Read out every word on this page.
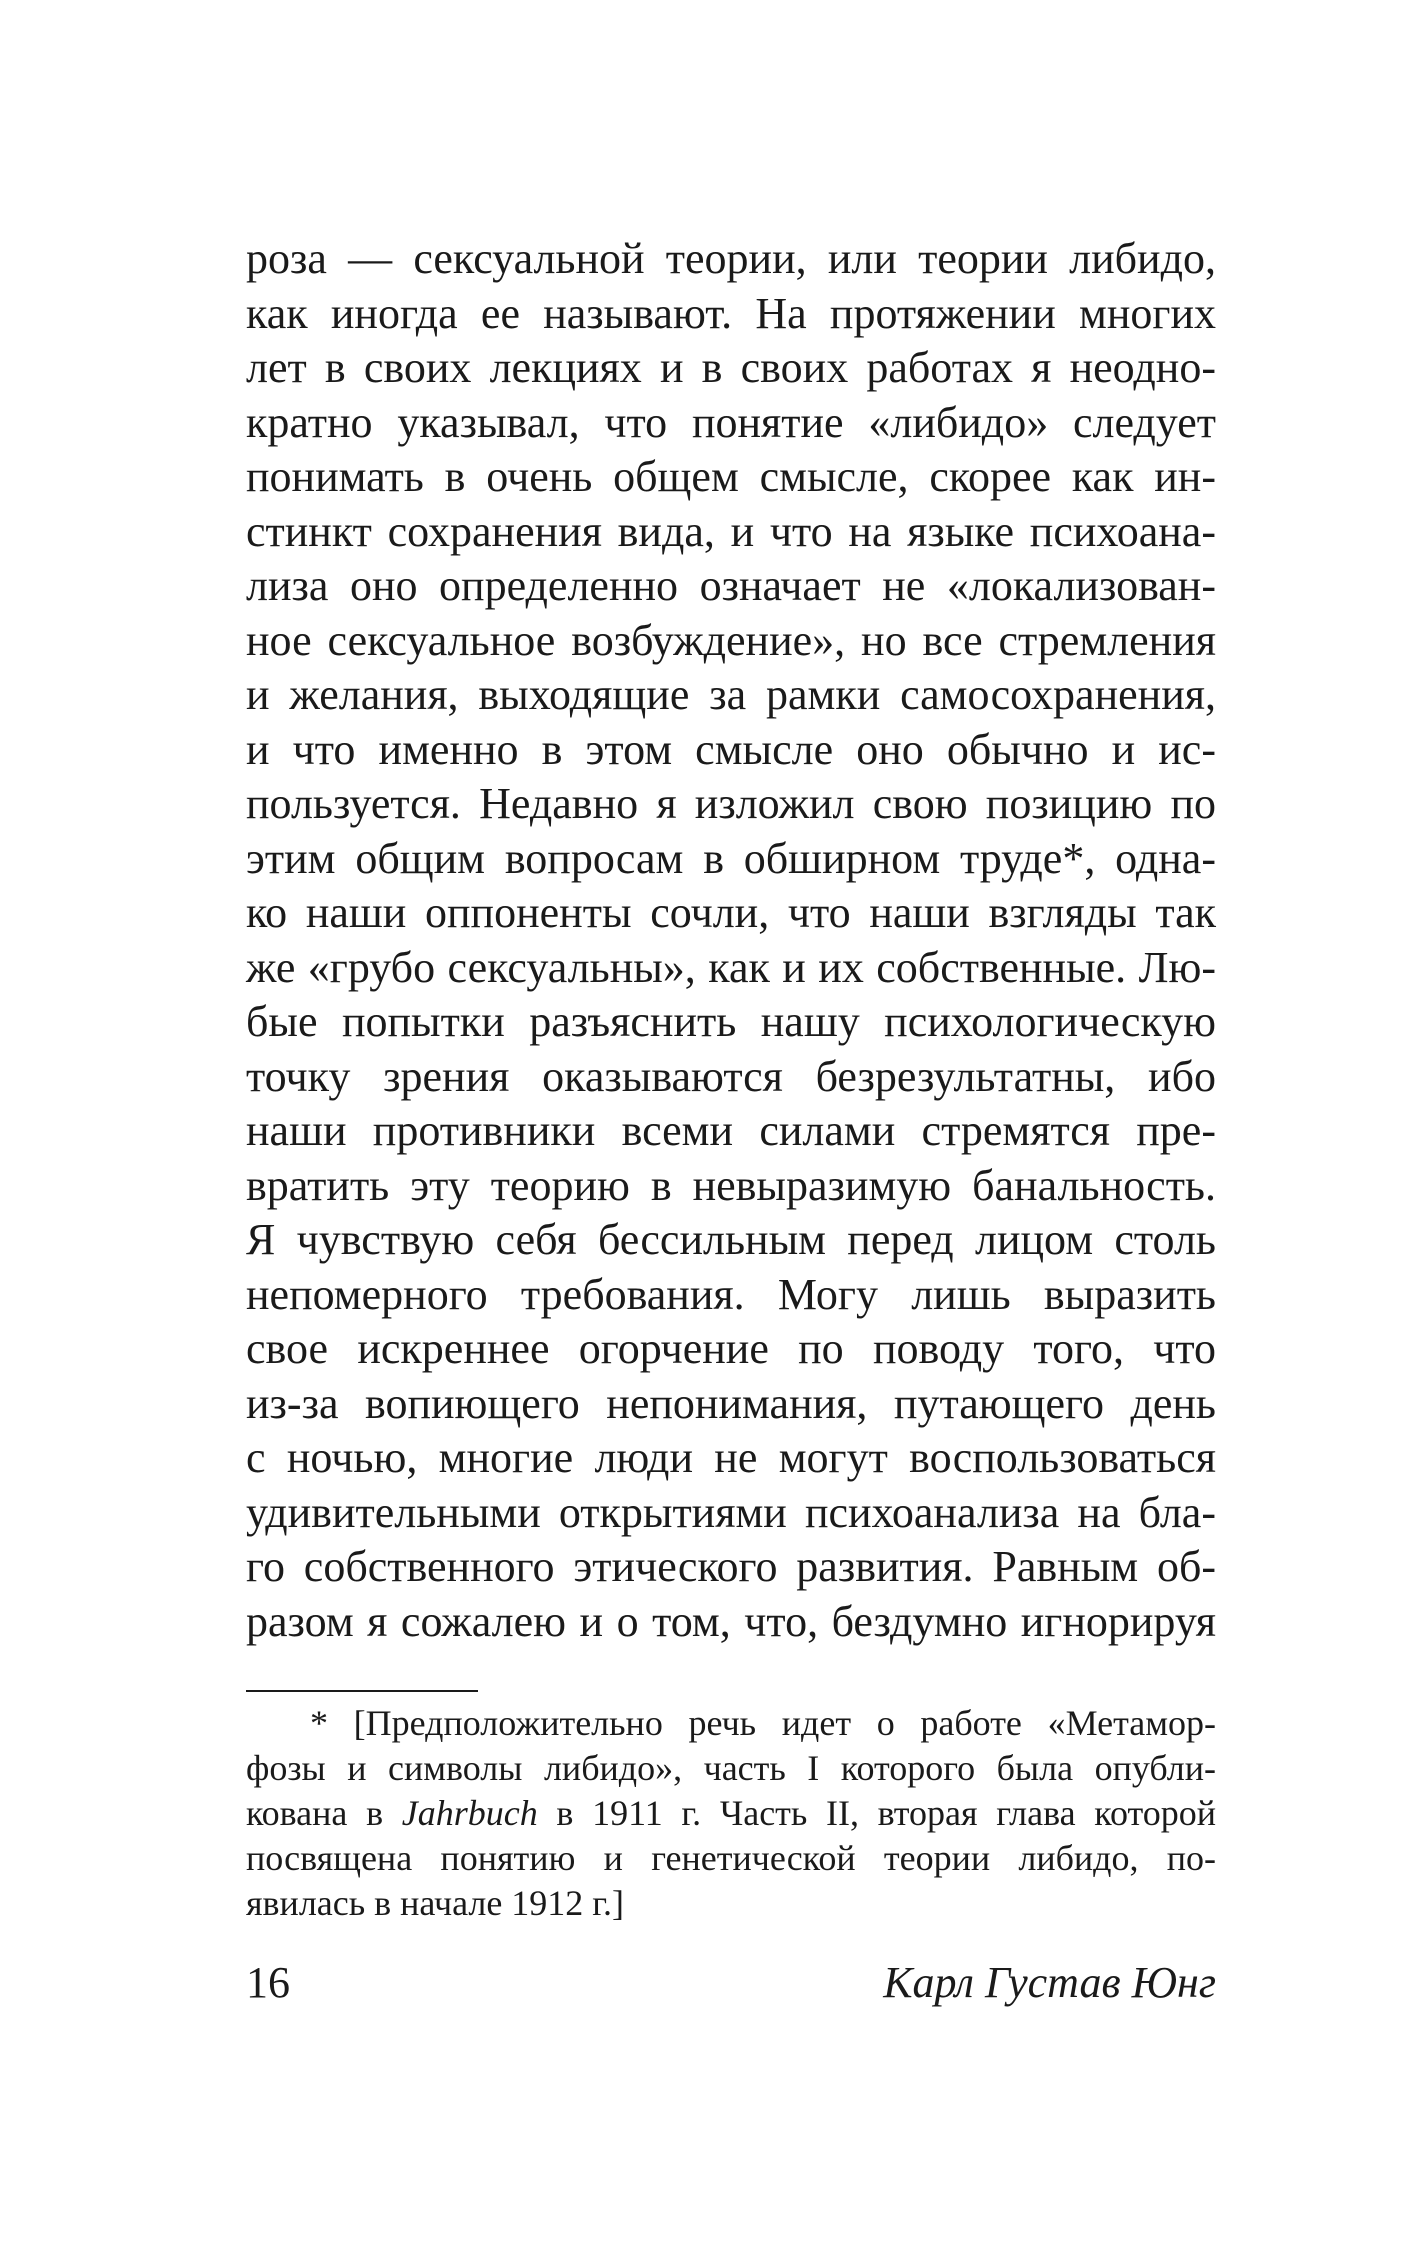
роза — сексуальной теории, или теории либидо,
как иногда ее называют. На протяжении многих
лет в своих лекциях и в своих работах я неодно-
кратно указывал, что понятие «либидо» следует
понимать в очень общем смысле, скорее как ин-
стинкт сохранения вида, и что на языке психоана-
лиза оно определенно означает не «локализован-
ное сексуальное возбуждение», но все стремления
и желания, выходящие за рамки самосохранения,
и что именно в этом смысле оно обычно и ис-
пользуется. Недавно я изложил свою позицию по
этим общим вопросам в обширном труде*, одна-
ко наши оппоненты сочли, что наши взгляды так
же «грубо сексуальны», как и их собственные. Лю-
бые попытки разъяснить нашу психологическую
точку зрения оказываются безрезультатны, ибо
наши противники всеми силами стремятся пре-
вратить эту теорию в невыразимую банальность.
Я чувствую себя бессильным перед лицом столь
непомерного требования. Могу лишь выразить
свое искреннее огорчение по поводу того, что
из-за вопиющего непонимания, путающего день
с ночью, многие люди не могут воспользоваться
удивительными открытиями психоанализа на бла-
го собственного этического развития. Равным об-
разом я сожалею и о том, что, бездумно игнорируя
* [Предположительно речь идет о работе «Метамор-
фозы и символы либидо», часть I которого была опубли-
кована в Jahrbuch в 1911 г. Часть II, вторая глава которой
посвящена понятию и генетической теории либидо, по-
явилась в начале 1912 г.]
16	Карл Густав Юнг
